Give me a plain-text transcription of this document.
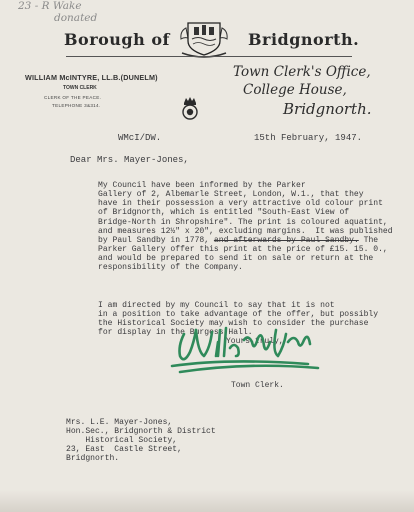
23 - R Wake
donated
Borough of	Bridgnorth.
WILLIAM McINTYRE, LL.B.(DUNELM)
TOWN CLERK
CLERK OF THE PEACE.
TELEPHONE 3&314.
Town Clerk's Office,
College House,
Bridgnorth.
WMcI/DW.	15th February, 1947.
Dear Mrs. Mayer-Jones,
My Council have been informed by the Parker
Gallery of 2, Albemarle Street, London, W.1., that they
have in their possession a very attractive old colour print
of Bridgnorth, which is entitled "South-East View of
Bridge-North in Shropshire". The print is coloured aquatint,
and measures 12½" x 20", excluding margins.  It was published
by Paul Sandby in 1778, and afterwards by Paul Sandby. The
Parker Gallery offer this print at the price of £15. 15. 0.,
and would be prepared to send it on sale or return at the
responsibility of the Company.
I am directed by my Council to say that it is not
in a position to take advantage of the offer, but possibly
the Historical Society may wish to consider the purchase
for display in the Burgess Hall.
Yours truly,
Town Clerk.
Mrs. L.E. Mayer-Jones,
Hon.Sec., Bridgnorth & District
Historical Society,
23, East  Castle Street,
Bridgnorth.
